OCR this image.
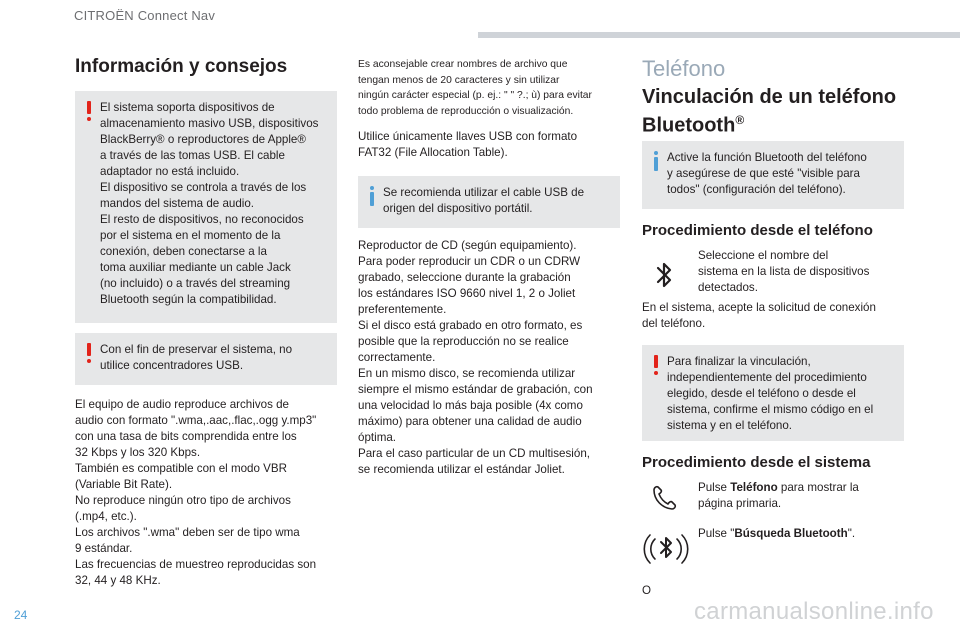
CITROËN Connect Nav
Información y consejos
El sistema soporta dispositivos de
almacenamiento masivo USB, dispositivos
BlackBerry® o reproductores de Apple®
a través de las tomas USB. El cable
adaptador no está incluido.
El dispositivo se controla a través de los
mandos del sistema de audio.
El resto de dispositivos, no reconocidos
por el sistema en el momento de la
conexión, deben conectarse a la
toma auxiliar mediante un cable Jack
(no incluido) o a través del streaming
Bluetooth según la compatibilidad.
Con el fin de preservar el sistema, no
utilice concentradores USB.
El equipo de audio reproduce archivos de
audio con formato ".wma,.aac,.flac,.ogg y.mp3"
con una tasa de bits comprendida entre los
32 Kbps y los 320 Kbps.
También es compatible con el modo VBR
(Variable Bit Rate).
No reproduce ningún otro tipo de archivos
(.mp4, etc.).
Los archivos ".wma" deben ser de tipo wma
9 estándar.
Las frecuencias de muestreo reproducidas son
32, 44 y 48 KHz.
Es aconsejable crear nombres de archivo que
tengan menos de 20 caracteres y sin utilizar
ningún carácter especial (p. ej.: " " ?.; ù) para evitar
todo problema de reproducción o visualización.
Utilice únicamente llaves USB con formato
FAT32 (File Allocation Table).
Se recomienda utilizar el cable USB de
origen del dispositivo portátil.
Reproductor de CD (según equipamiento).
Para poder reproducir un CDR o un CDRW
grabado, seleccione durante la grabación
los estándares ISO 9660 nivel 1, 2 o Joliet
preferentemente.
Si el disco está grabado en otro formato, es
posible que la reproducción no se realice
correctamente.
En un mismo disco, se recomienda utilizar
siempre el mismo estándar de grabación, con
una velocidad lo más baja posible (4x como
máximo) para obtener una calidad de audio
óptima.
Para el caso particular de un CD multisesión,
se recomienda utilizar el estándar Joliet.
Teléfono
Vinculación de un teléfono
Bluetooth®
Active la función Bluetooth del teléfono
y asegúrese de que esté "visible para
todos" (configuración del teléfono).
Procedimiento desde el teléfono
Seleccione el nombre del
sistema en la lista de dispositivos
detectados.
En el sistema, acepte la solicitud de conexión
del teléfono.
Para finalizar la vinculación,
independientemente del procedimiento
elegido, desde el teléfono o desde el
sistema, confirme el mismo código en el
sistema y en el teléfono.
Procedimiento desde el sistema
Pulse Teléfono para mostrar la
página primaria.
Pulse "Búsqueda Bluetooth".
O
24	carmanualsonline.info
